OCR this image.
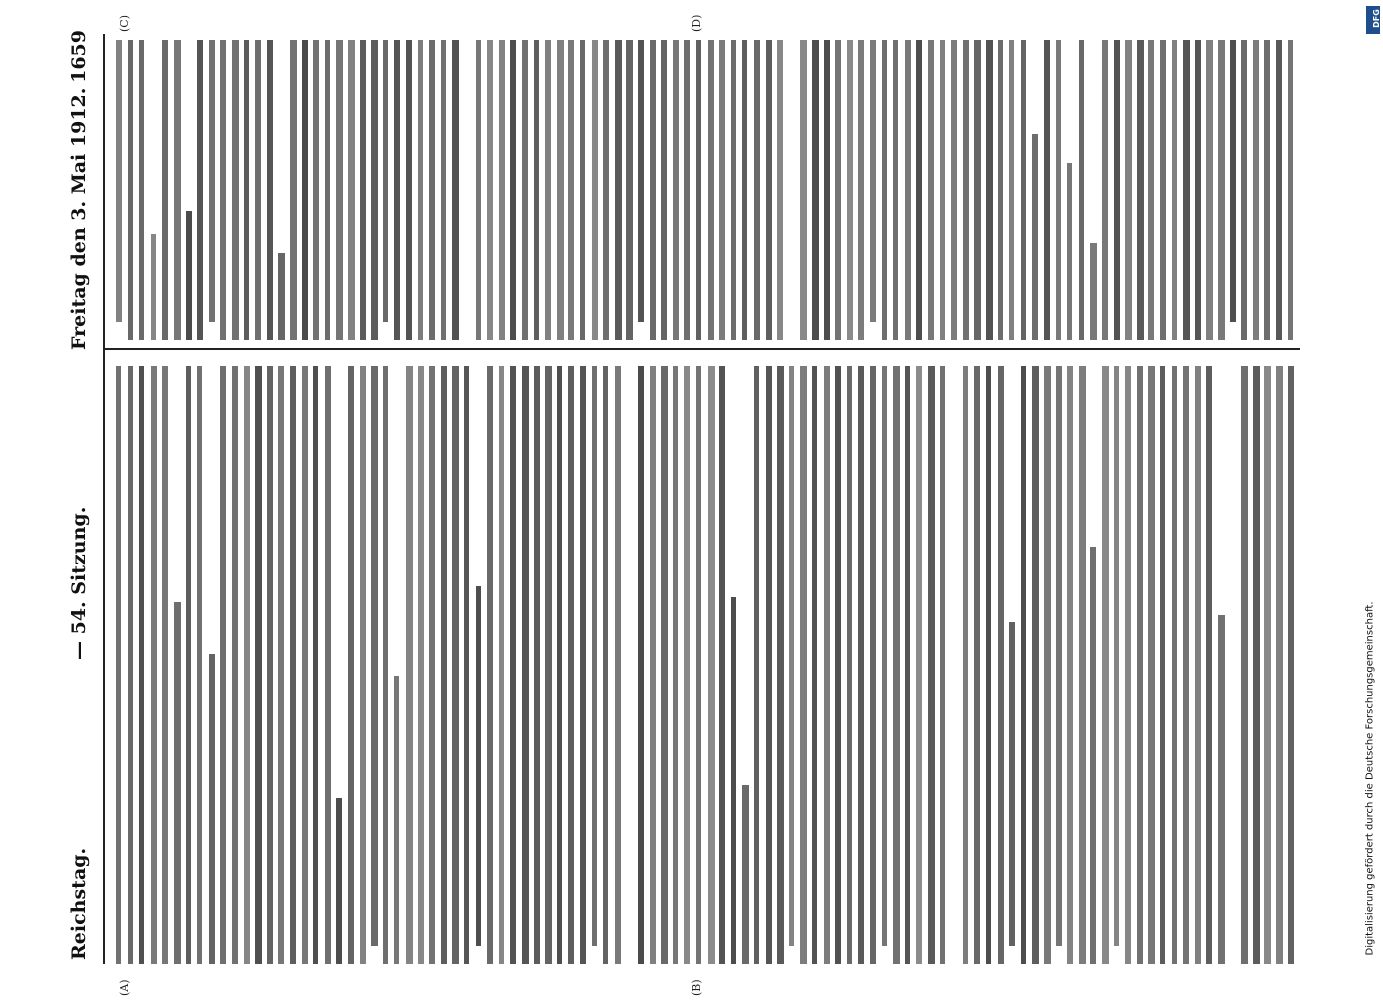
Reichstag.
— 54. Sitzung.
Freitag den 3. Mai 1912.
1659
(A)	(B)
(C)	(D)	DFG
Digitalisierung gefördert durch die Deutsche Forschungsgemeinschaft.
